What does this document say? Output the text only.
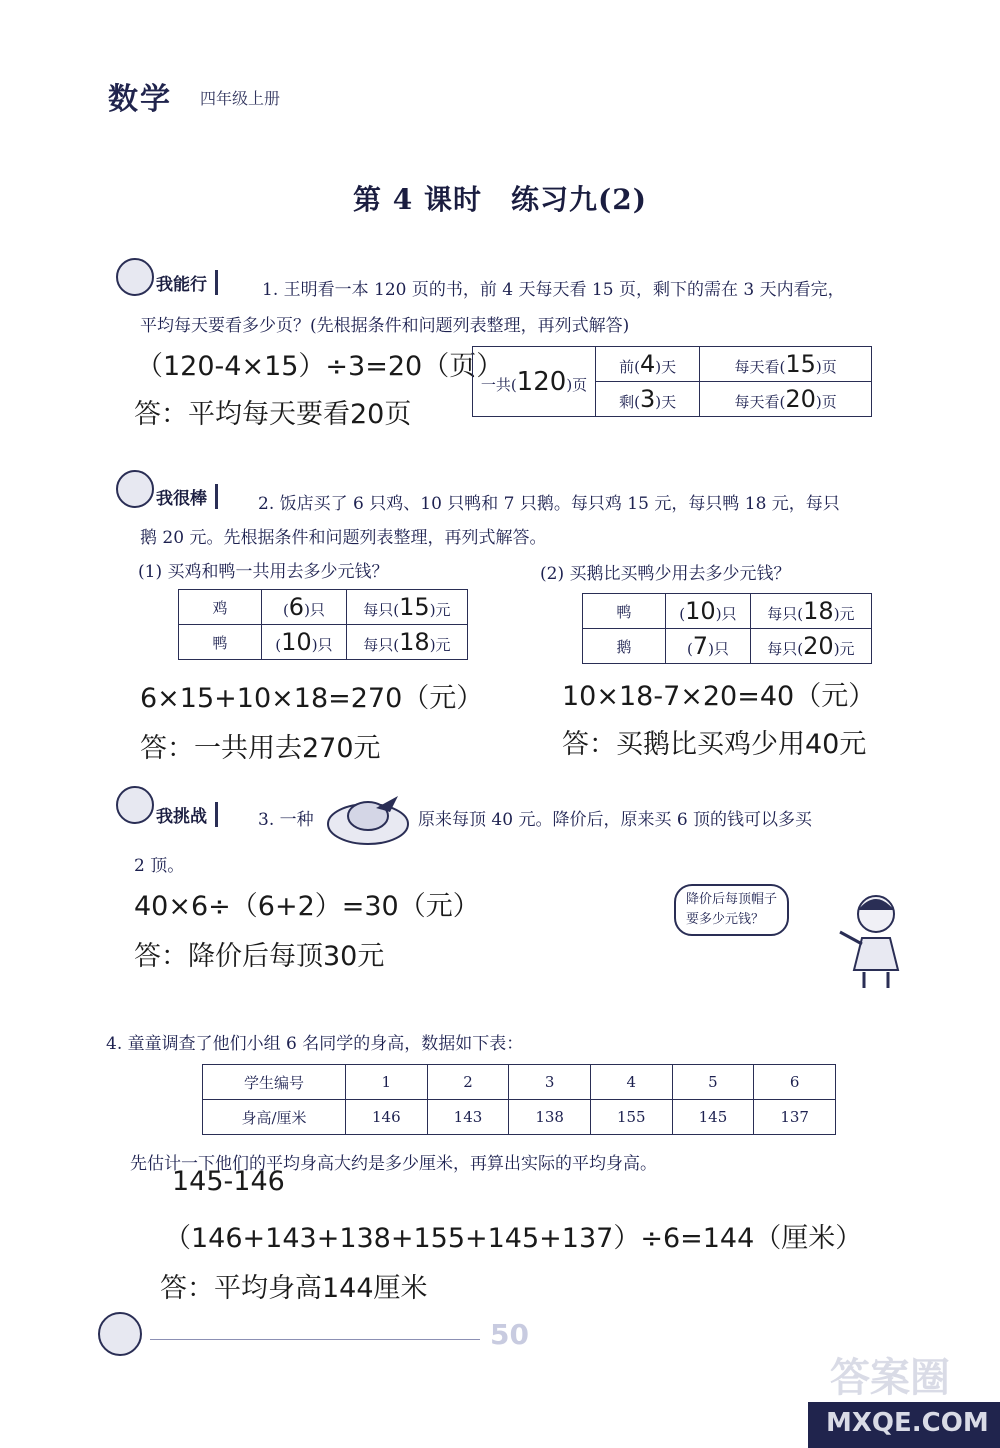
数学 四年级上册
第 4 课时　练习九(2)
我能行	1. 王明看一本 120 页的书，前 4 天每天看 15 页，剩下的需在 3 天内看完，
平均每天要看多少页？(先根据条件和问题列表整理，再列式解答)
（120-4×15）÷3=20（页）
答：平均每天要看20页
一共(120)页	前(4)天	每天看(15)页
	剩(3)天	每天看(20)页
我很棒	2. 饭店买了 6 只鸡、10 只鸭和 7 只鹅。每只鸡 15 元，每只鸭 18 元，每只
鹅 20 元。先根据条件和问题列表整理，再列式解答。
(1) 买鸡和鸭一共用去多少元钱？	(2) 买鹅比买鸭少用去多少元钱？
鸡	(6)只	每只(15)元
鸭	(10)只	每只(18)元
鸭	(10)只	每只(18)元
鹅	(7)只	每只(20)元
6×15+10×18=270（元）
答：一共用去270元
10×18-7×20=40（元）
答：买鹅比买鸡少用40元
我挑战	3. 一种	原来每顶 40 元。降价后，原来买 6 顶的钱可以多买
2 顶。
40×6÷（6+2）=30（元）
答：降价后每顶30元
降价后每顶帽子
要多少元钱？
4. 童童调查了他们小组 6 名同学的身高，数据如下表：
学生编号	1	2	3	4	5	6
身高/厘米	146	143	138	155	145	137
先估计一下他们的平均身高大约是多少厘米，再算出实际的平均身高。
145-146
（146+143+138+155+145+137）÷6=144（厘米）
答：平均身高144厘米
50
答案圈
MXQE.COM
